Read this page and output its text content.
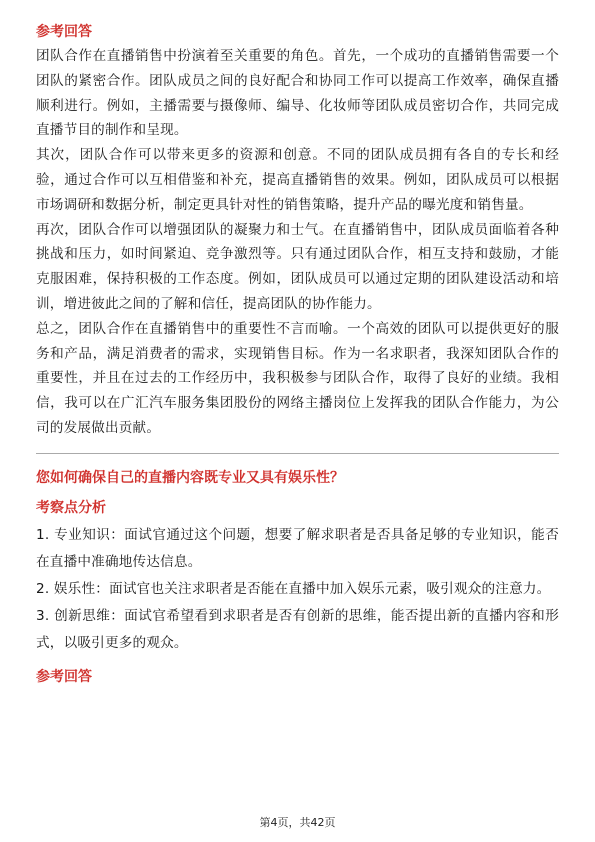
参考回答

团队合作在直播销售中扮演着至关重要的角色。首先，一个成功的直播销售需要一个团队的紧密合作。团队成员之间的良好配合和协同工作可以提高工作效率，确保直播顺利进行。例如，主播需要与摄像师、编导、化妆师等团队成员密切合作，共同完成直播节目的制作和呈现。

其次，团队合作可以带来更多的资源和创意。不同的团队成员拥有各自的专长和经验，通过合作可以互相借鉴和补充，提高直播销售的效果。例如，团队成员可以根据市场调研和数据分析，制定更具针对性的销售策略，提升产品的曝光度和销售量。

再次，团队合作可以增强团队的凝聚力和士气。在直播销售中，团队成员面临着各种挑战和压力，如时间紧迫、竞争激烈等。只有通过团队合作，相互支持和鼓励，才能克服困难，保持积极的工作态度。例如，团队成员可以通过定期的团队建设活动和培训，增进彼此之间的了解和信任，提高团队的协作能力。

总之，团队合作在直播销售中的重要性不言而喻。一个高效的团队可以提供更好的服务和产品，满足消费者的需求，实现销售目标。作为一名求职者，我深知团队合作的重要性，并且在过去的工作经历中，我积极参与团队合作，取得了良好的业绩。我相信，我可以在广汇汽车服务集团股份的网络主播岗位上发挥我的团队合作能力，为公司的发展做出贡献。

您如何确保自己的直播内容既专业又具有娱乐性？

考察点分析

1. 专业知识：面试官通过这个问题，想要了解求职者是否具备足够的专业知识，能否在直播中准确地传达信息。

2. 娱乐性：面试官也关注求职者是否能在直播中加入娱乐元素，吸引观众的注意力。

3. 创新思维：面试官希望看到求职者是否有创新的思维，能否提出新的直播内容和形式，以吸引更多的观众。

参考回答

第4页，共42页
